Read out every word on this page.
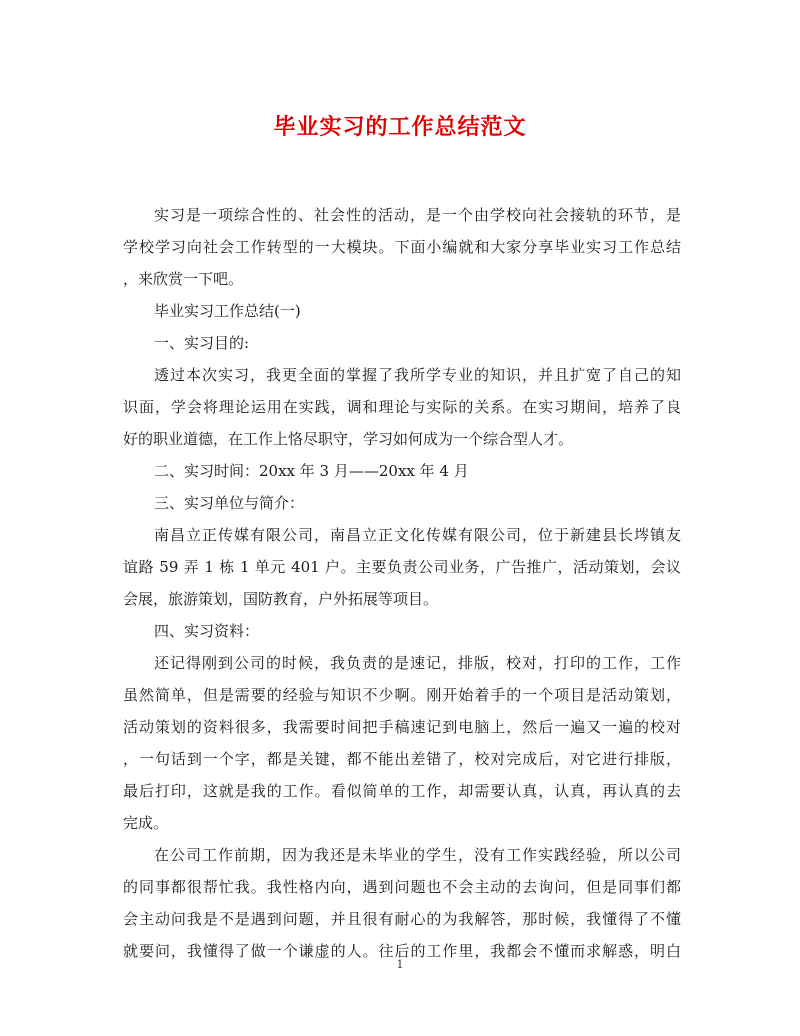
毕业实习的工作总结范文
实习是一项综合性的、社会性的活动，是一个由学校向社会接轨的环节，是
学校学习向社会工作转型的一大模块。下面小编就和大家分享毕业实习工作总结
，来欣赏一下吧。
毕业实习工作总结(一)
一、实习目的:
透过本次实习，我更全面的掌握了我所学专业的知识，并且扩宽了自己的知
识面，学会将理论运用在实践，调和理论与实际的关系。在实习期间，培养了良
好的职业道德，在工作上恪尽职守，学习如何成为一个综合型人才。
二、实习时间：20xx 年 3 月——20xx 年 4 月
三、实习单位与简介：
南昌立正传媒有限公司，南昌立正文化传媒有限公司，位于新建县长埁镇友
谊路 59 弄 1 栋 1 单元 401 户。主要负责公司业务，广告推广，活动策划，会议
会展，旅游策划，国防教育，户外拓展等项目。
四、实习资料：
还记得刚到公司的时候，我负责的是速记，排版，校对，打印的工作，工作
虽然简单，但是需要的经验与知识不少啊。刚开始着手的一个项目是活动策划，
活动策划的资料很多，我需要时间把手稿速记到电脑上，然后一遍又一遍的校对
，一句话到一个字，都是关键，都不能出差错了，校对完成后，对它进行排版，
最后打印，这就是我的工作。看似简单的工作，却需要认真，认真，再认真的去
完成。
在公司工作前期，因为我还是未毕业的学生，没有工作实践经验，所以公司
的同事都很帮忙我。我性格内向，遇到问题也不会主动的去询问，但是同事们都
会主动问我是不是遇到问题，并且很有耐心的为我解答，那时候，我懂得了不懂
就要问，我懂得了做一个谦虚的人。往后的工作里，我都会不懂而求解惑，明白
1
